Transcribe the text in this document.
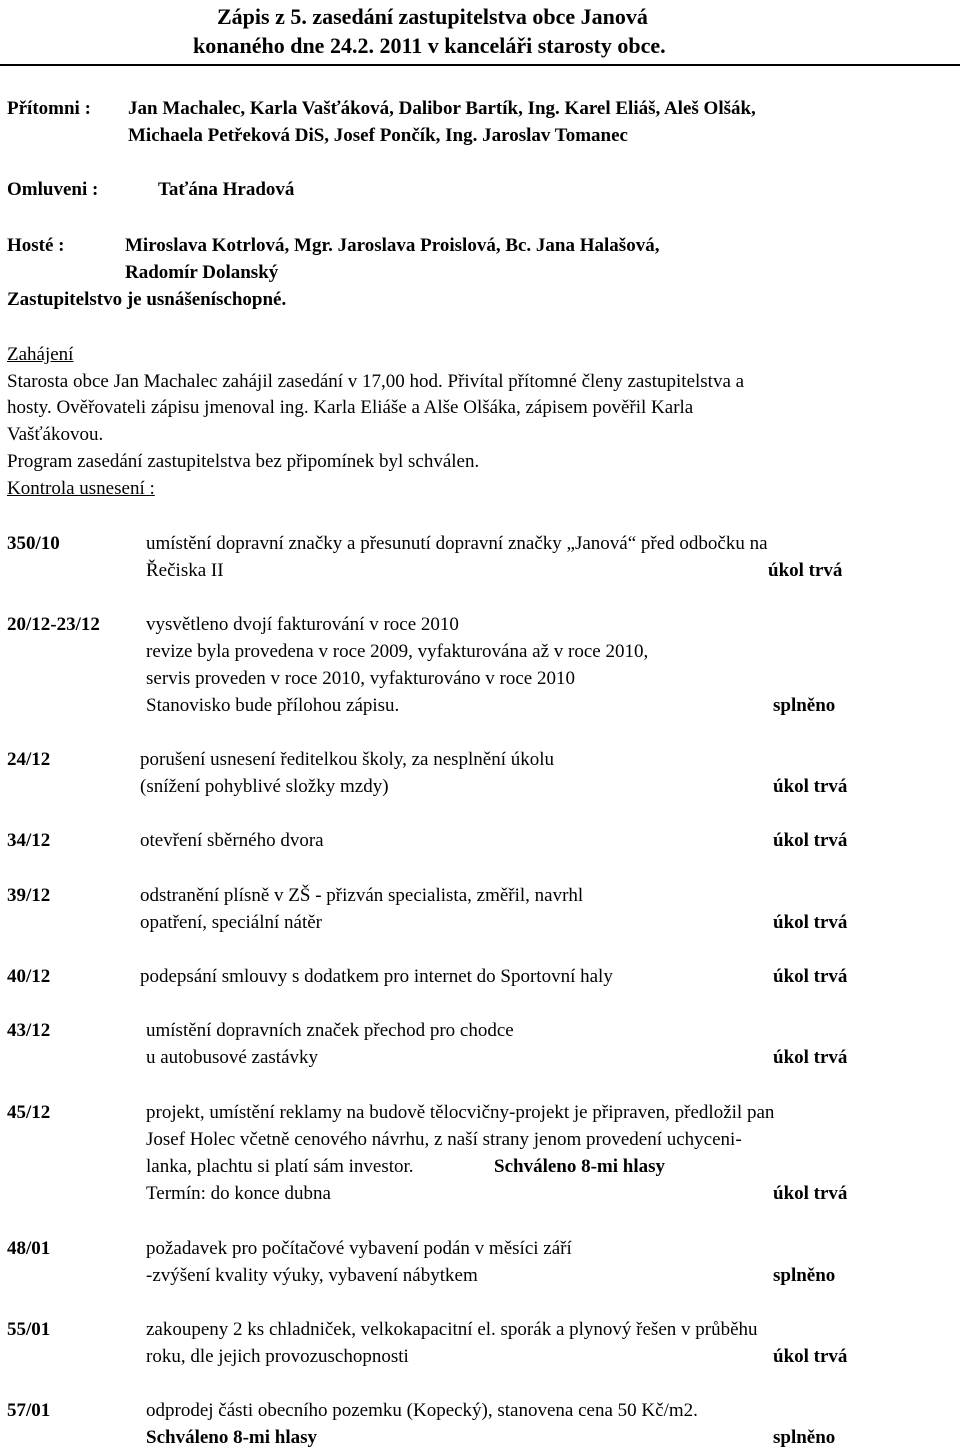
Zápis z 5. zasedání zastupitelstva obce Janová
konaného dne 24.2. 2011 v kanceláři starosty obce.
Přítomni : Jan Machalec, Karla Vašťáková, Dalibor Bartík, Ing. Karel Eliáš, Aleš Olšák,
Michaela Petřeková DiS, Josef Pončík, Ing. Jaroslav Tomanec
Omluveni :	Taťána Hradová
Hosté :	Miroslava Kotrlová, Mgr. Jaroslava Proislová, Bc. Jana Halašová,
Radomír Dolanský
Zastupitelstvo je usnášeníschopné.
Zahájení
Starosta obce Jan Machalec zahájil zasedání v 17,00 hod. Přivítal přítomné členy zastupitelstva a
hosty. Ověřovateli zápisu jmenoval ing. Karla Eliáše a Alše Olšáka, zápisem pověřil Karla
Vašťákovou.
Program zasedání zastupitelstva bez připomínek byl schválen.
Kontrola usnesení :
350/10	umístění dopravní značky a přesunutí dopravní značky „Janová“ před odbočku na
Řečiska II	úkol trvá
20/12-23/12 vysvětleno dvojí fakturování v roce 2010
revize byla provedena v roce 2009, vyfakturována až v roce 2010,
servis proveden v roce 2010, vyfakturováno v roce 2010
Stanovisko bude přílohou zápisu.	splněno
24/12	porušení usnesení ředitelkou školy, za nesplnění úkolu
(snížení pohyblivé složky mzdy)	úkol trvá
34/12	otevření sběrného dvora	úkol trvá
39/12	odstranění plísně v ZŠ - přizván specialista, změřil, navrhl
opatření, speciální nátěr	úkol trvá
40/12	podepsání smlouvy s dodatkem pro internet do Sportovní haly	úkol trvá
43/12	umístění dopravních značek přechod pro chodce
u autobusové zastávky	úkol trvá
45/12	projekt, umístění reklamy na budově tělocvičny-projekt je připraven, předložil pan
Josef Holec včetně cenového návrhu, z naší strany jenom provedení uchyceni-
lanka, plachtu si platí sám investor.	Schváleno 8-mi hlasy
Termín: do konce dubna	úkol trvá
48/01	požadavek pro počítačové vybavení podán v měsíci září
-zvýšení kvality výuky, vybavení nábytkem	splněno
55/01	zakoupeny 2 ks chladniček, velkokapacitní el. sporák a plynový řešen v průběhu
roku, dle jejich provozuschopnosti	úkol trvá
57/01	odprodej části obecního pozemku (Kopecký), stanovena cena 50 Kč/m2.
Schváleno 8-mi hlasy	splněno
